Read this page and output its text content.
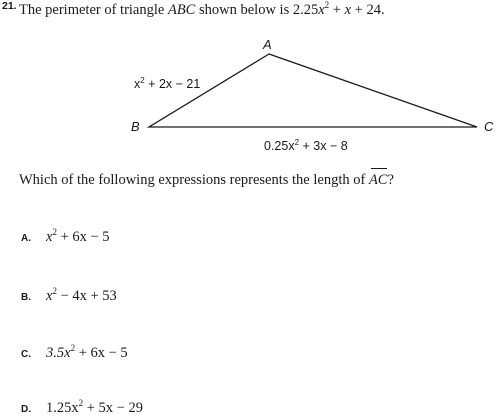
21. The perimeter of triangle ABC shown below is $2.25x^2 + x + 24$.
A
B	C
$x^2 + 2x - 21$
$0.25x^2 + 3x - 8$
Which of the following expressions represents the length of
AC?
A. $x^2 + 6x - 5$
B. $x^2 - 4x + 53$
C. $3.5x^2 + 6x - 5$
D. $1.25x^2 + 5x - 29$
